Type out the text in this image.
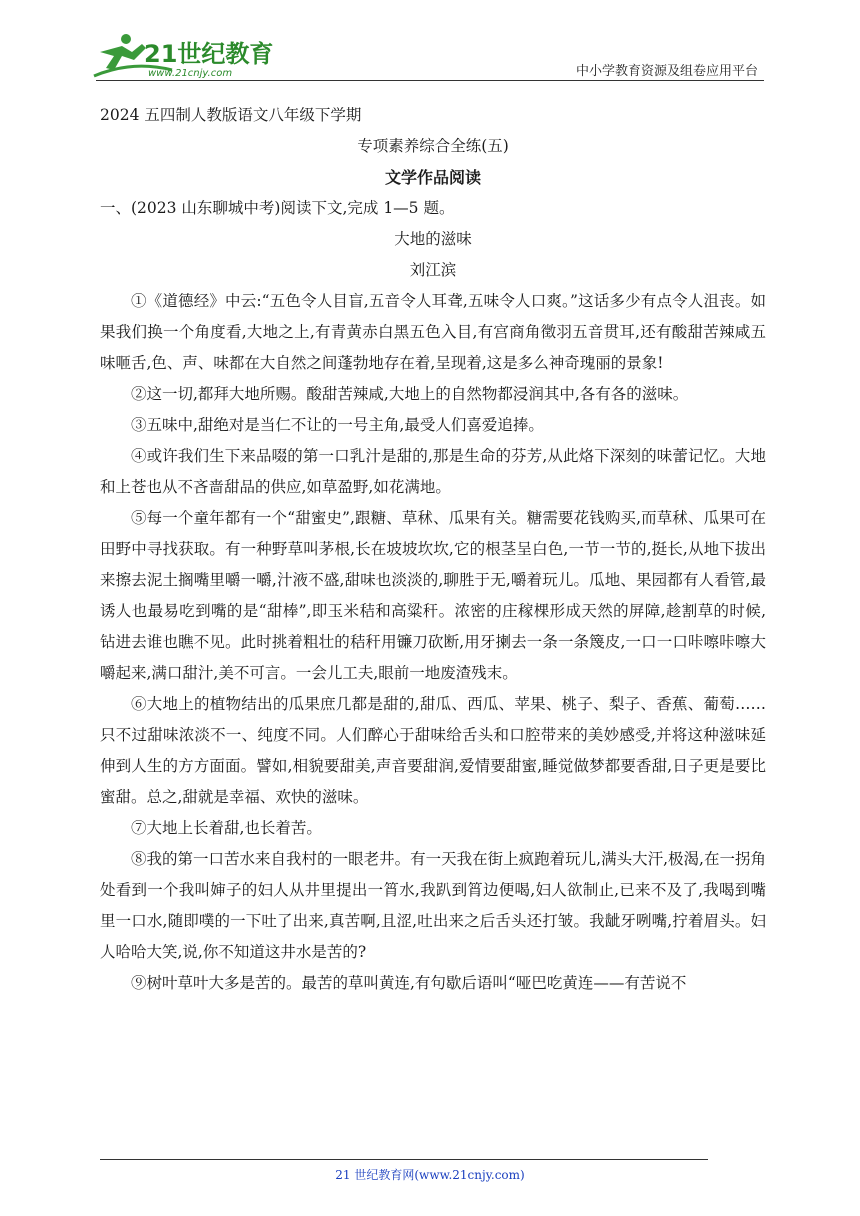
21世纪教育
www.21cnjy.com	中小学教育资源及组卷应用平台
2024 五四制人教版语文八年级下学期
专项素养综合全练(五)
文学作品阅读
一、(2023 山东聊城中考)阅读下文,完成 1—5 题。
大地的滋味
刘江滨

①《道德经》中云:“五色令人目盲,五音令人耳聋,五味令人口爽。”这话多少有点令人沮丧。如果我们换一个角度看,大地之上,有青黄赤白黑五色入目,有宫商角徵羽五音贯耳,还有酸甜苦辣咸五味咂舌,色、声、味都在大自然之间蓬勃地存在着,呈现着,这是多么神奇瑰丽的景象!

②这一切,都拜大地所赐。酸甜苦辣咸,大地上的自然物都浸润其中,各有各的滋味。

③五味中,甜绝对是当仁不让的一号主角,最受人们喜爱追捧。

④或许我们生下来品啜的第一口乳汁是甜的,那是生命的芬芳,从此烙下深刻的味蕾记忆。大地和上苍也从不吝啬甜品的供应,如草盈野,如花满地。

⑤每一个童年都有一个“甜蜜史”,跟糖、草秫、瓜果有关。糖需要花钱购买,而草秫、瓜果可在田野中寻找获取。有一种野草叫茅根,长在坡坡坎坎,它的根茎呈白色,一节一节的,挺长,从地下拔出来擦去泥土搁嘴里嚼一嚼,汁液不盛,甜味也淡淡的,聊胜于无,嚼着玩儿。瓜地、果园都有人看管,最诱人也最易吃到嘴的是“甜棒”,即玉米秸和高粱秆。浓密的庄稼棵形成天然的屏障,趁割草的时候,钻进去谁也瞧不见。此时挑着粗壮的秸秆用镰刀砍断,用牙揦去一条一条篾皮,一口一口咔嚓咔嚓大嚼起来,满口甜汁,美不可言。一会儿工夫,眼前一地废渣残末。

⑥大地上的植物结出的瓜果庶几都是甜的,甜瓜、西瓜、苹果、桃子、梨子、香蕉、葡萄……只不过甜味浓淡不一、纯度不同。人们醉心于甜味给舌头和口腔带来的美妙感受,并将这种滋味延伸到人生的方方面面。譬如,相貌要甜美,声音要甜润,爱情要甜蜜,睡觉做梦都要香甜,日子更是要比蜜甜。总之,甜就是幸福、欢快的滋味。

⑦大地上长着甜,也长着苦。

⑧我的第一口苦水来自我村的一眼老井。有一天我在街上疯跑着玩儿,满头大汗,极渴,在一拐角处看到一个我叫婶子的妇人从井里提出一筲水,我趴到筲边便喝,妇人欲制止,已来不及了,我喝到嘴里一口水,随即噗的一下吐了出来,真苦啊,且涩,吐出来之后舌头还打皱。我龇牙咧嘴,拧着眉头。妇人哈哈大笑,说,你不知道这井水是苦的?

⑨树叶草叶大多是苦的。最苦的草叫黄连,有句歇后语叫“哑巴吃黄连——有苦说不

21 世纪教育网(www.21cnjy.com)
